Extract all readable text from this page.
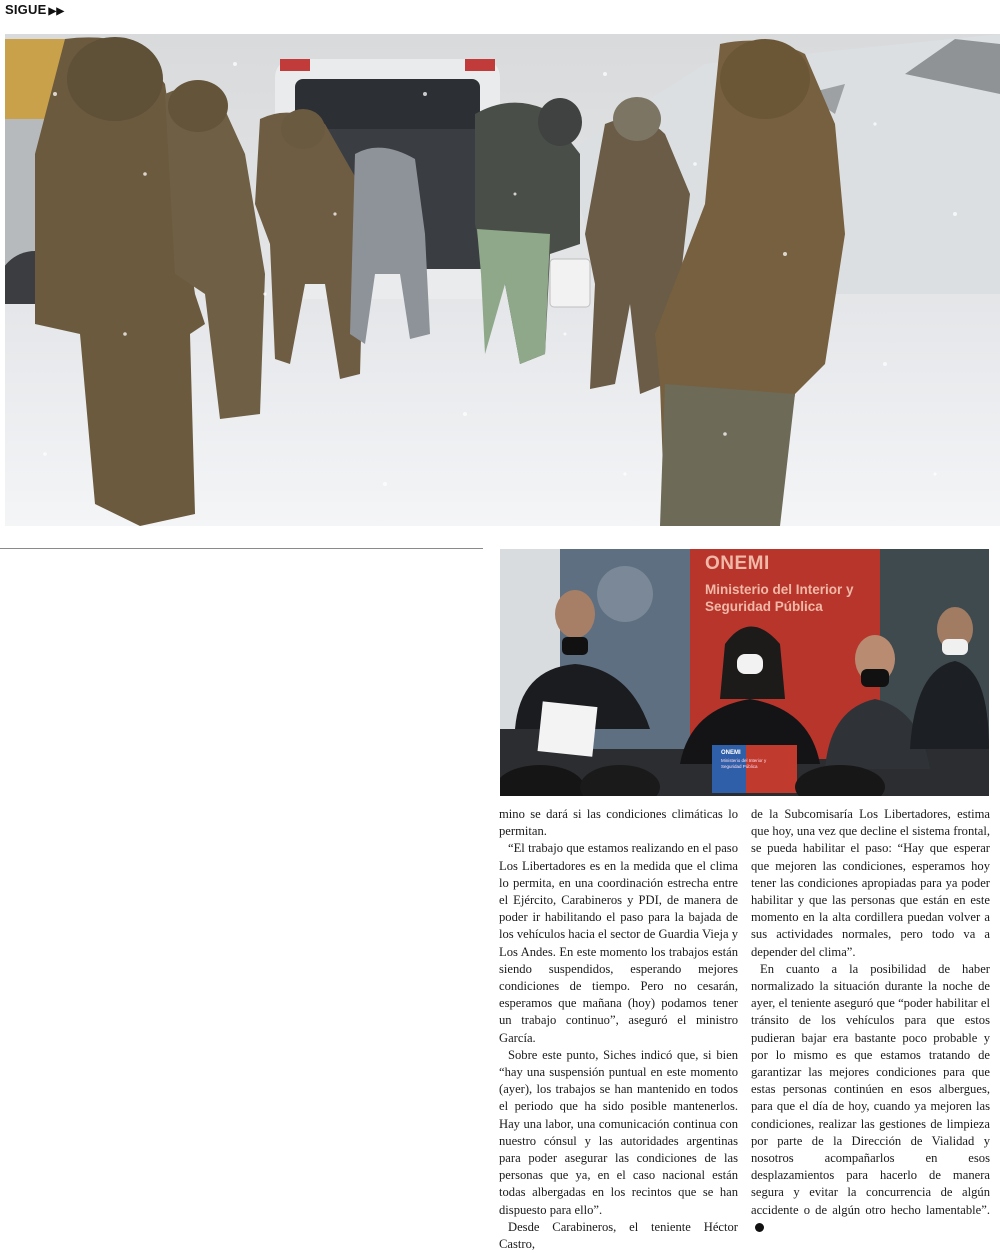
SIGUE ▶▶
ONEMI
Ministerio del Interior y Seguridad Pública
ONEMI
Ministerio del Interior y Seguridad Pública

mino se dará si las condiciones climáticas lo permitan.

“El trabajo que estamos realizando en el paso Los Libertadores es en la medida que el clima lo permita, en una coordinación estrecha entre el Ejército, Carabineros y PDI, de manera de poder ir habilitando el paso para la bajada de los vehículos hacia el sector de Guardia Vieja y Los Andes. En este momento los trabajos están siendo suspendidos, esperando mejores condiciones de tiempo. Pero no cesarán, esperamos que mañana (hoy) podamos tener un trabajo continuo”, aseguró el ministro García.

Sobre este punto, Siches indicó que, si bien “hay una suspensión puntual en este momento (ayer), los trabajos se han mantenido en todos el periodo que ha sido posible mantenerlos. Hay una labor, una comunicación continua con nuestro cónsul y las autoridades argentinas para poder asegurar las condiciones de las personas que ya, en el caso nacional están todas albergadas en los recintos que se han dispuesto para ello”.

Desde Carabineros, el teniente Héctor Castro,

de la Subcomisaría Los Libertadores, estima que hoy, una vez que decline el sistema frontal, se pueda habilitar el paso: “Hay que esperar que mejoren las condiciones, esperamos hoy tener las condiciones apropiadas para ya poder habilitar y que las personas que están en este momento en la alta cordillera puedan volver a sus actividades normales, pero todo va a depender del clima”.

En cuanto a la posibilidad de haber normalizado la situación durante la noche de ayer, el teniente aseguró que “poder habilitar el tránsito de los vehículos para que estos pudieran bajar era bastante poco probable y por lo mismo es que estamos tratando de garantizar las mejores condiciones para que estas personas continúen en esos albergues, para que el día de hoy, cuando ya mejoren las condiciones, realizar las gestiones de limpieza por parte de la Dirección de Vialidad y nosotros acompañarlos en esos desplazamientos para hacerlo de manera segura y evitar la concurrencia de algún accidente o de algún otro hecho lamentable”.
